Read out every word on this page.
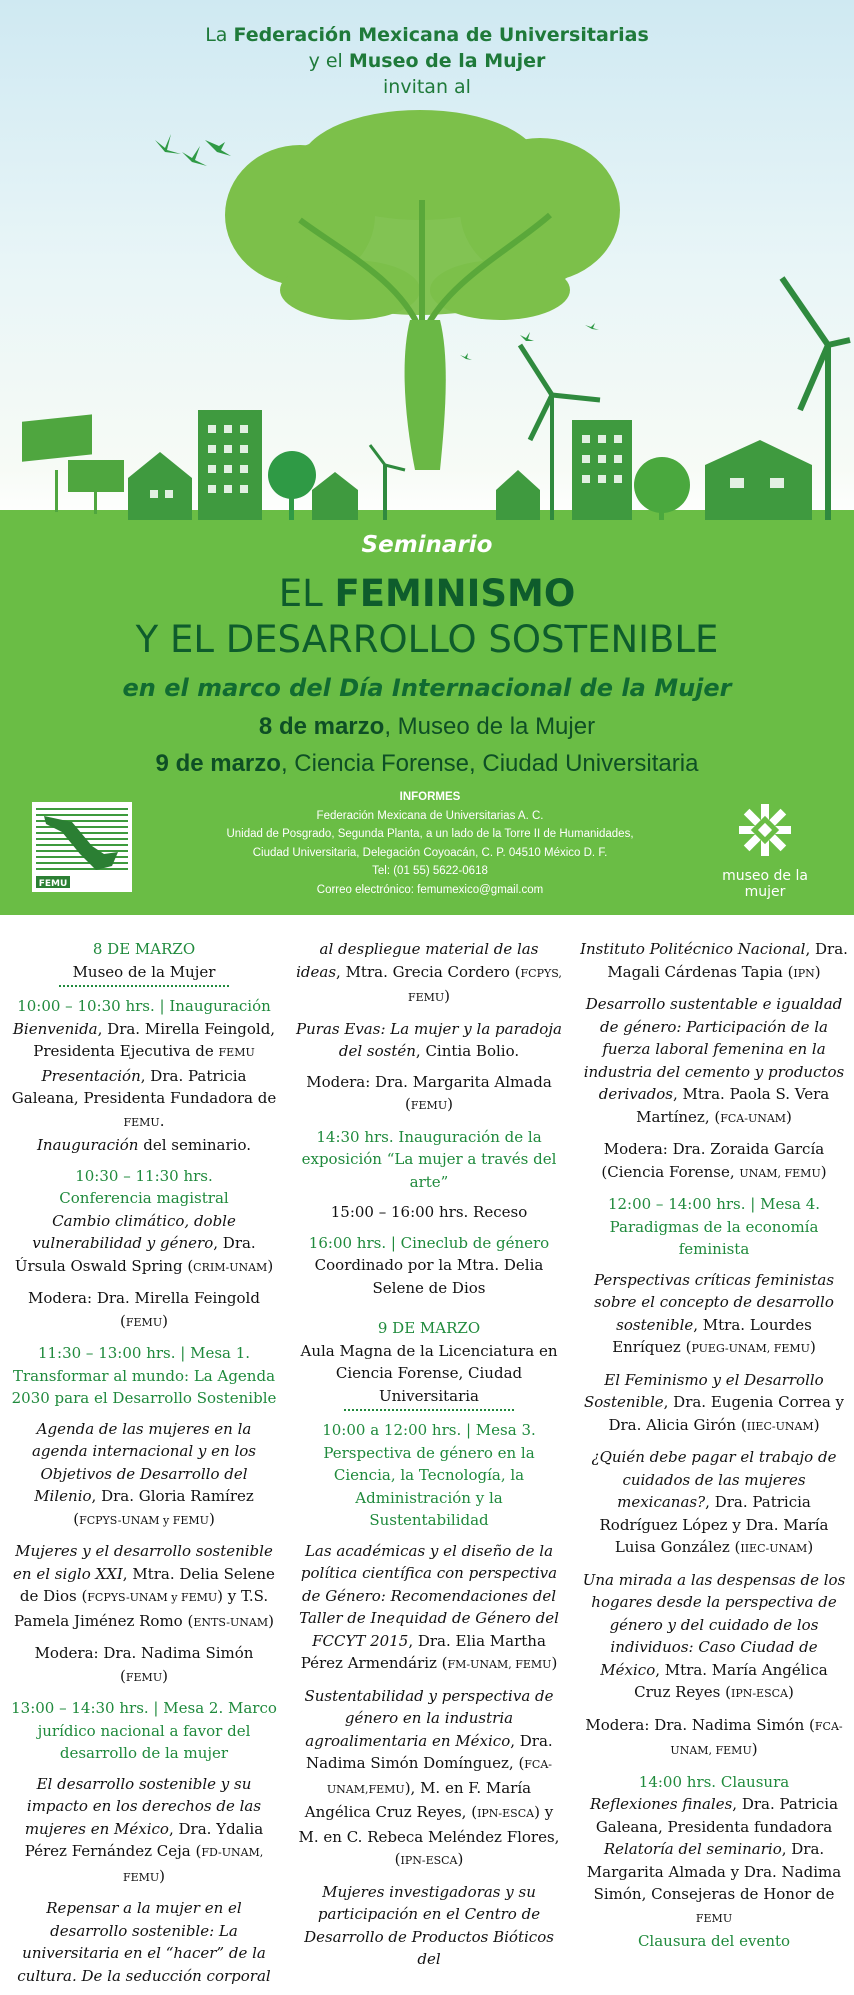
La Federación Mexicana de Universitarias
y el Museo de la Mujer
invitan al
Seminario
EL FEMINISMO
Y EL DESARROLLO SOSTENIBLE
en el marco del Día Internacional de la Mujer
8 de marzo, Museo de la Mujer
9 de marzo, Ciencia Forense, Ciudad Universitaria
INFORMES
Federación Mexicana de Universitarias A. C.
Unidad de Posgrado, Segunda Planta, a un lado de la Torre II de Humanidades,
Ciudad Universitaria, Delegación Coyoacán, C. P. 04510 México D. F.
Tel: (01 55) 5622-0618
Correo electrónico: femumexico@gmail.com
FEMU	museo de la mujer

8 DE MARZO

Museo de la Mujer

10:00 – 10:30 hrs. | Inauguración

Bienvenida, Dra. Mirella Feingold, Presidenta Ejecutiva de FEMU
Presentación, Dra. Patricia Galeana, Presidenta Fundadora de FEMU.
Inauguración del seminario.

10:30 – 11:30 hrs.

Conferencia magistral

Cambio climático, doble vulnerabilidad y género, Dra. Úrsula Oswald Spring (CRIM-UNAM)

Modera: Dra. Mirella Feingold (FEMU)

11:30 – 13:00 hrs. | Mesa 1. Transformar al mundo: La Agenda 2030 para el Desarrollo Sostenible

Agenda de las mujeres en la agenda internacional y en los Objetivos de Desarrollo del Milenio, Dra. Gloria Ramírez (FCPYS-UNAM y FEMU)

Mujeres y el desarrollo sostenible en el siglo XXI, Mtra. Delia Selene de Dios (FCPYS-UNAM y FEMU) y T.S. Pamela Jiménez Romo (ENTS-UNAM)

Modera: Dra. Nadima Simón (FEMU)

13:00 – 14:30 hrs. | Mesa 2. Marco jurídico nacional a favor del desarrollo de la mujer

El desarrollo sostenible y su impacto en los derechos de las mujeres en México, Dra. Ydalia Pérez Fernández Ceja (FD-UNAM, FEMU)

Repensar a la mujer en el desarrollo sostenible: La universitaria en el “hacer” de la cultura. De la seducción corporal

al despliegue material de las ideas, Mtra. Grecia Cordero (FCPYS, FEMU)

Puras Evas: La mujer y la paradoja del sostén, Cintia Bolio.

Modera: Dra. Margarita Almada (FEMU)

14:30 hrs. Inauguración de la exposición “La mujer a través del arte”

15:00 – 16:00 hrs. Receso

16:00 hrs. | Cineclub de género

Coordinado por la Mtra. Delia Selene de Dios

9 DE MARZO

Aula Magna de la Licenciatura en Ciencia Forense, Ciudad Universitaria

10:00 a 12:00 hrs. | Mesa 3. Perspectiva de género en la Ciencia, la Tecnología, la Administración y la Sustentabilidad

Las académicas y el diseño de la política científica con perspectiva de Género: Recomendaciones del Taller de Inequidad de Género del FCCYT 2015, Dra. Elia Martha Pérez Armendáriz (FM-UNAM, FEMU)

Sustentabilidad y perspectiva de género en la industria agroalimentaria en México, Dra. Nadima Simón Domínguez, (FCA-UNAM,FEMU), M. en F. María Angélica Cruz Reyes, (IPN-ESCA) y M. en C. Rebeca Meléndez Flores, (IPN-ESCA)

Mujeres investigadoras y su participación en el Centro de Desarrollo de Productos Bióticos del

Instituto Politécnico Nacional, Dra. Magali Cárdenas Tapia (IPN)

Desarrollo sustentable e igualdad de género: Participación de la fuerza laboral femenina en la industria del cemento y productos derivados, Mtra. Paola S. Vera Martínez, (FCA-UNAM)

Modera: Dra. Zoraida García (Ciencia Forense, UNAM, FEMU)

12:00 – 14:00 hrs. | Mesa 4. Paradigmas de la economía feminista

Perspectivas críticas feministas sobre el concepto de desarrollo sostenible, Mtra. Lourdes Enríquez (PUEG-UNAM, FEMU)

El Feminismo y el Desarrollo Sostenible, Dra. Eugenia Correa y Dra. Alicia Girón (IIEC-UNAM)

¿Quién debe pagar el trabajo de cuidados de las mujeres mexicanas?, Dra. Patricia Rodríguez López y Dra. María Luisa González (IIEC-UNAM)

Una mirada a las despensas de los hogares desde la perspectiva de género y del cuidado de los individuos: Caso Ciudad de México, Mtra. María Angélica Cruz Reyes (IPN-ESCA)

Modera: Dra. Nadima Simón (FCA-UNAM, FEMU)

14:00 hrs. Clausura

Reflexiones finales, Dra. Patricia Galeana, Presidenta fundadora
Relatoría del seminario, Dra. Margarita Almada y Dra. Nadima Simón, Consejeras de Honor de FEMU

Clausura del evento
